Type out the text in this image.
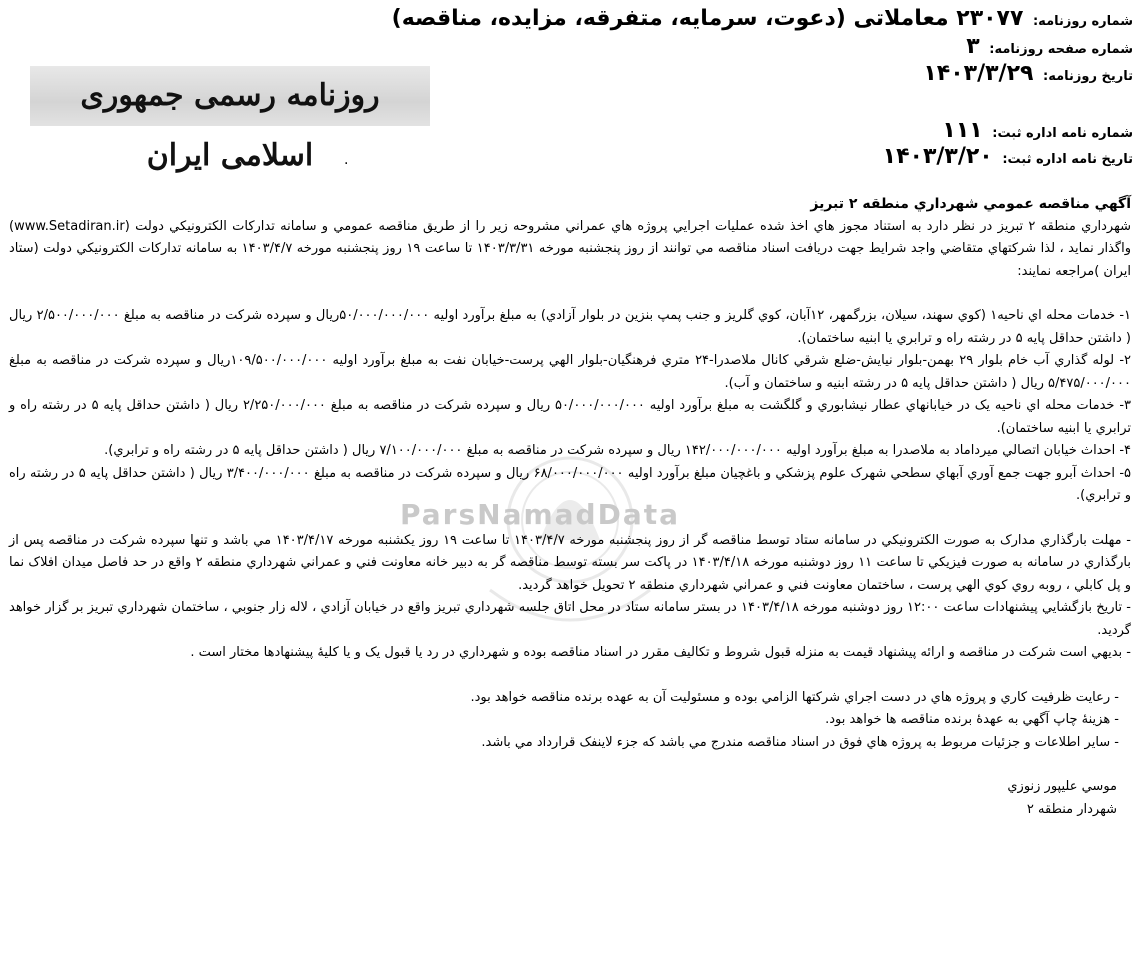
شماره روزنامه: ۲۳۰۷۷ معاملاتی (دعوت، سرمایه، متفرقه، مزایده، مناقصه)
شماره صفحه روزنامه: ۳
تاریخ روزنامه: ۱۴۰۳/۳/۲۹
شماره نامه اداره ثبت: ۱۱۱
تاریخ نامه اداره ثبت: ۱۴۰۳/۳/۲۰
روزنامه رسمی جمهوری اسلامی ایران	.
ParsNamadData
آگهي مناقصه عمومي شهرداري منطقه ۲ تبريز
شهرداري منطقه ۲ تبريز در نظر دارد به استناد مجوز هاي اخذ شده عمليات اجرايي پروژه هاي عمراني مشروحه زير را از طريق مناقصه عمومي و سامانه تدارکات الکترونيکي دولت (www.Setadiran.ir) واگذار نمايد ، لذا شرکتهاي متقاضي واجد شرايط جهت دريافت اسناد مناقصه مي توانند از روز پنجشنبه مورخه ۱۴۰۳/۳/۳۱ تا ساعت ۱۹ روز پنجشنبه مورخه ۱۴۰۳/۴/۷ به سامانه تدارکات الکترونيکي دولت (ستاد ايران )مراجعه نمايند:
۱- خدمات محله اي ناحيه۱ (کوي سهند، سيلان، بزرگمهر، ۱۲آبان، کوي گلريز و جنب پمپ بنزين در بلوار آزادي) به مبلغ برآورد اوليه ۵۰/۰۰۰/۰۰۰/۰۰۰ريال و سپرده شرکت در مناقصه به مبلغ ۲/۵۰۰/۰۰۰/۰۰۰ ريال ( داشتن حداقل پايه ۵ در رشته راه و ترابري يا ابنيه ساختمان).
۲- لوله گذاري آب خام بلوار ۲۹ بهمن-بلوار نيايش-ضلع شرقي کانال ملاصدرا-۲۴ متري فرهنگيان-بلوار الهي پرست-خيابان نفت به مبلغ برآورد اوليه ۱۰۹/۵۰۰/۰۰۰/۰۰۰ريال و سپرده شرکت در مناقصه به مبلغ ۵/۴۷۵/۰۰۰/۰۰۰ ريال ( داشتن حداقل پايه ۵ در رشته ابنيه و ساختمان و آب).
۳- خدمات محله اي ناحيه يک در خيابانهاي عطار نيشابوري و گلگشت به مبلغ برآورد اوليه ۵۰/۰۰۰/۰۰۰/۰۰۰ ريال و سپرده شرکت در مناقصه به مبلغ ۲/۲۵۰/۰۰۰/۰۰۰ ريال ( داشتن حداقل پايه ۵ در رشته راه و ترابري يا ابنيه ساختمان).
۴- احداث خيابان اتصالي ميرداماد به ملاصدرا به مبلغ برآورد اوليه ۱۴۲/۰۰۰/۰۰۰/۰۰۰ ريال و سپرده شرکت در مناقصه به مبلغ ۷/۱۰۰/۰۰۰/۰۰۰ ريال ( داشتن حداقل پايه ۵ در رشته راه و ترابري).
۵- احداث آبرو جهت جمع آوري آبهاي سطحي شهرک علوم پزشکي و باغچيان مبلغ برآورد اوليه ۶۸/۰۰۰/۰۰۰/۰۰۰ ريال و سپرده شرکت در مناقصه به مبلغ ۳/۴۰۰/۰۰۰/۰۰۰ ريال ( داشتن حداقل پايه ۵ در رشته راه و ترابري).
- مهلت بارگذاري مدارک به صورت الکترونيکي در سامانه ستاد توسط مناقصه گر از روز پنجشنبه مورخه ۱۴۰۳/۴/۷ تا ساعت ۱۹ روز يکشنبه مورخه ۱۴۰۳/۴/۱۷ مي باشد و تنها سپرده شرکت در مناقصه پس از بارگذاري در سامانه به صورت فيزيکي تا ساعت ۱۱ روز دوشنبه مورخه ۱۴۰۳/۴/۱۸ در پاکت سر بسته توسط مناقصه گر به دبير خانه معاونت فني و عمراني شهرداري منطقه ۲ واقع در حد فاصل ميدان افلاک نما و پل کابلي ، روبه روي کوي الهي پرست ، ساختمان معاونت فني و عمراني شهرداري منطقه ۲ تحويل خواهد گرديد.
- تاريخ بازگشايي پيشنهادات ساعت ۱۲:۰۰ روز دوشنبه مورخه ۱۴۰۳/۴/۱۸ در بستر سامانه ستاد در محل اتاق جلسه شهرداري تبريز واقع در خيابان آزادي ، لاله زار جنوبي ، ساختمان شهرداري تبريز بر گزار خواهد گرديد.
- بديهي است شرکت در مناقصه و ارائه پيشنهاد قيمت به منزله قبول شروط و تکاليف مقرر در اسناد مناقصه بوده و شهرداري در رد يا قبول يک و يا کليۀ پيشنهادها مختار است .
- رعايت ظرفيت کاري و پروژه هاي در دست اجراي شرکتها الزامي بوده و مسئوليت آن به عهده برنده مناقصه خواهد بود.
- هزينۀ چاپ آگهي به عهدۀ برنده مناقصه ها خواهد بود.
- ساير اطلاعات و جزئيات مربوط به پروژه هاي فوق در اسناد مناقصه مندرج مي باشد که جزء لاينفک قرارداد مي باشد.
موسي عليپور زنوزي
شهردار منطقه ۲
